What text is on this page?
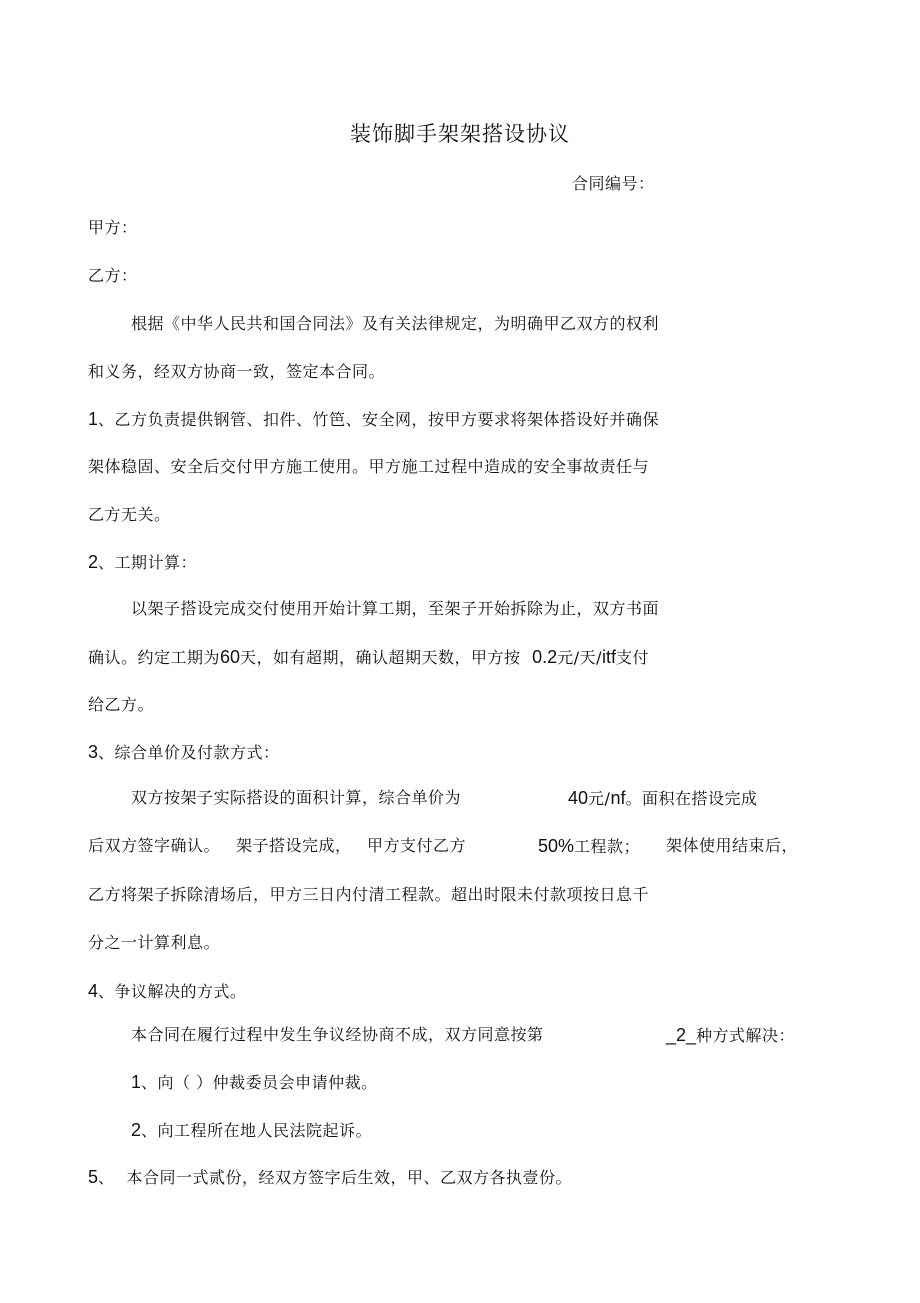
装饰脚手架架搭设协议
合同编号：
甲方：
乙方：
根据《中华人民共和国合同法》及有关法律规定，为明确甲乙双方的权利
和义务，经双方协商一致，签定本合同。
1、乙方负责提供钢管、扣件、竹笆、安全网，按甲方要求将架体搭设好并确保
架体稳固、安全后交付甲方施工使用。甲方施工过程中造成的安全事故责任与
乙方无关。
2、工期计算：
以架子搭设完成交付使用开始计算工期，至架子开始拆除为止，双方书面
确认。约定工期为60天，如有超期，确认超期天数，甲方按 0.2元/天/itf支付
给乙方。
3、综合单价及付款方式：
双方按架子实际搭设的面积计算，综合单价为	40元/nf。面积在搭设完成
后双方签字确认。 架子搭设完成， 甲方支付乙方	50%工程款； 架体使用结束后，
乙方将架子拆除清场后，甲方三日内付清工程款。超出时限未付款项按日息千
分之一计算利息。
4、争议解决的方式。
本合同在履行过程中发生争议经协商不成，双方同意按第	_2_种方式解决：
1、向（ ）仲裁委员会申请仲裁。
2、向工程所在地人民法院起诉。
5、 本合同一式贰份，经双方签字后生效，甲、乙双方各执壹份。
